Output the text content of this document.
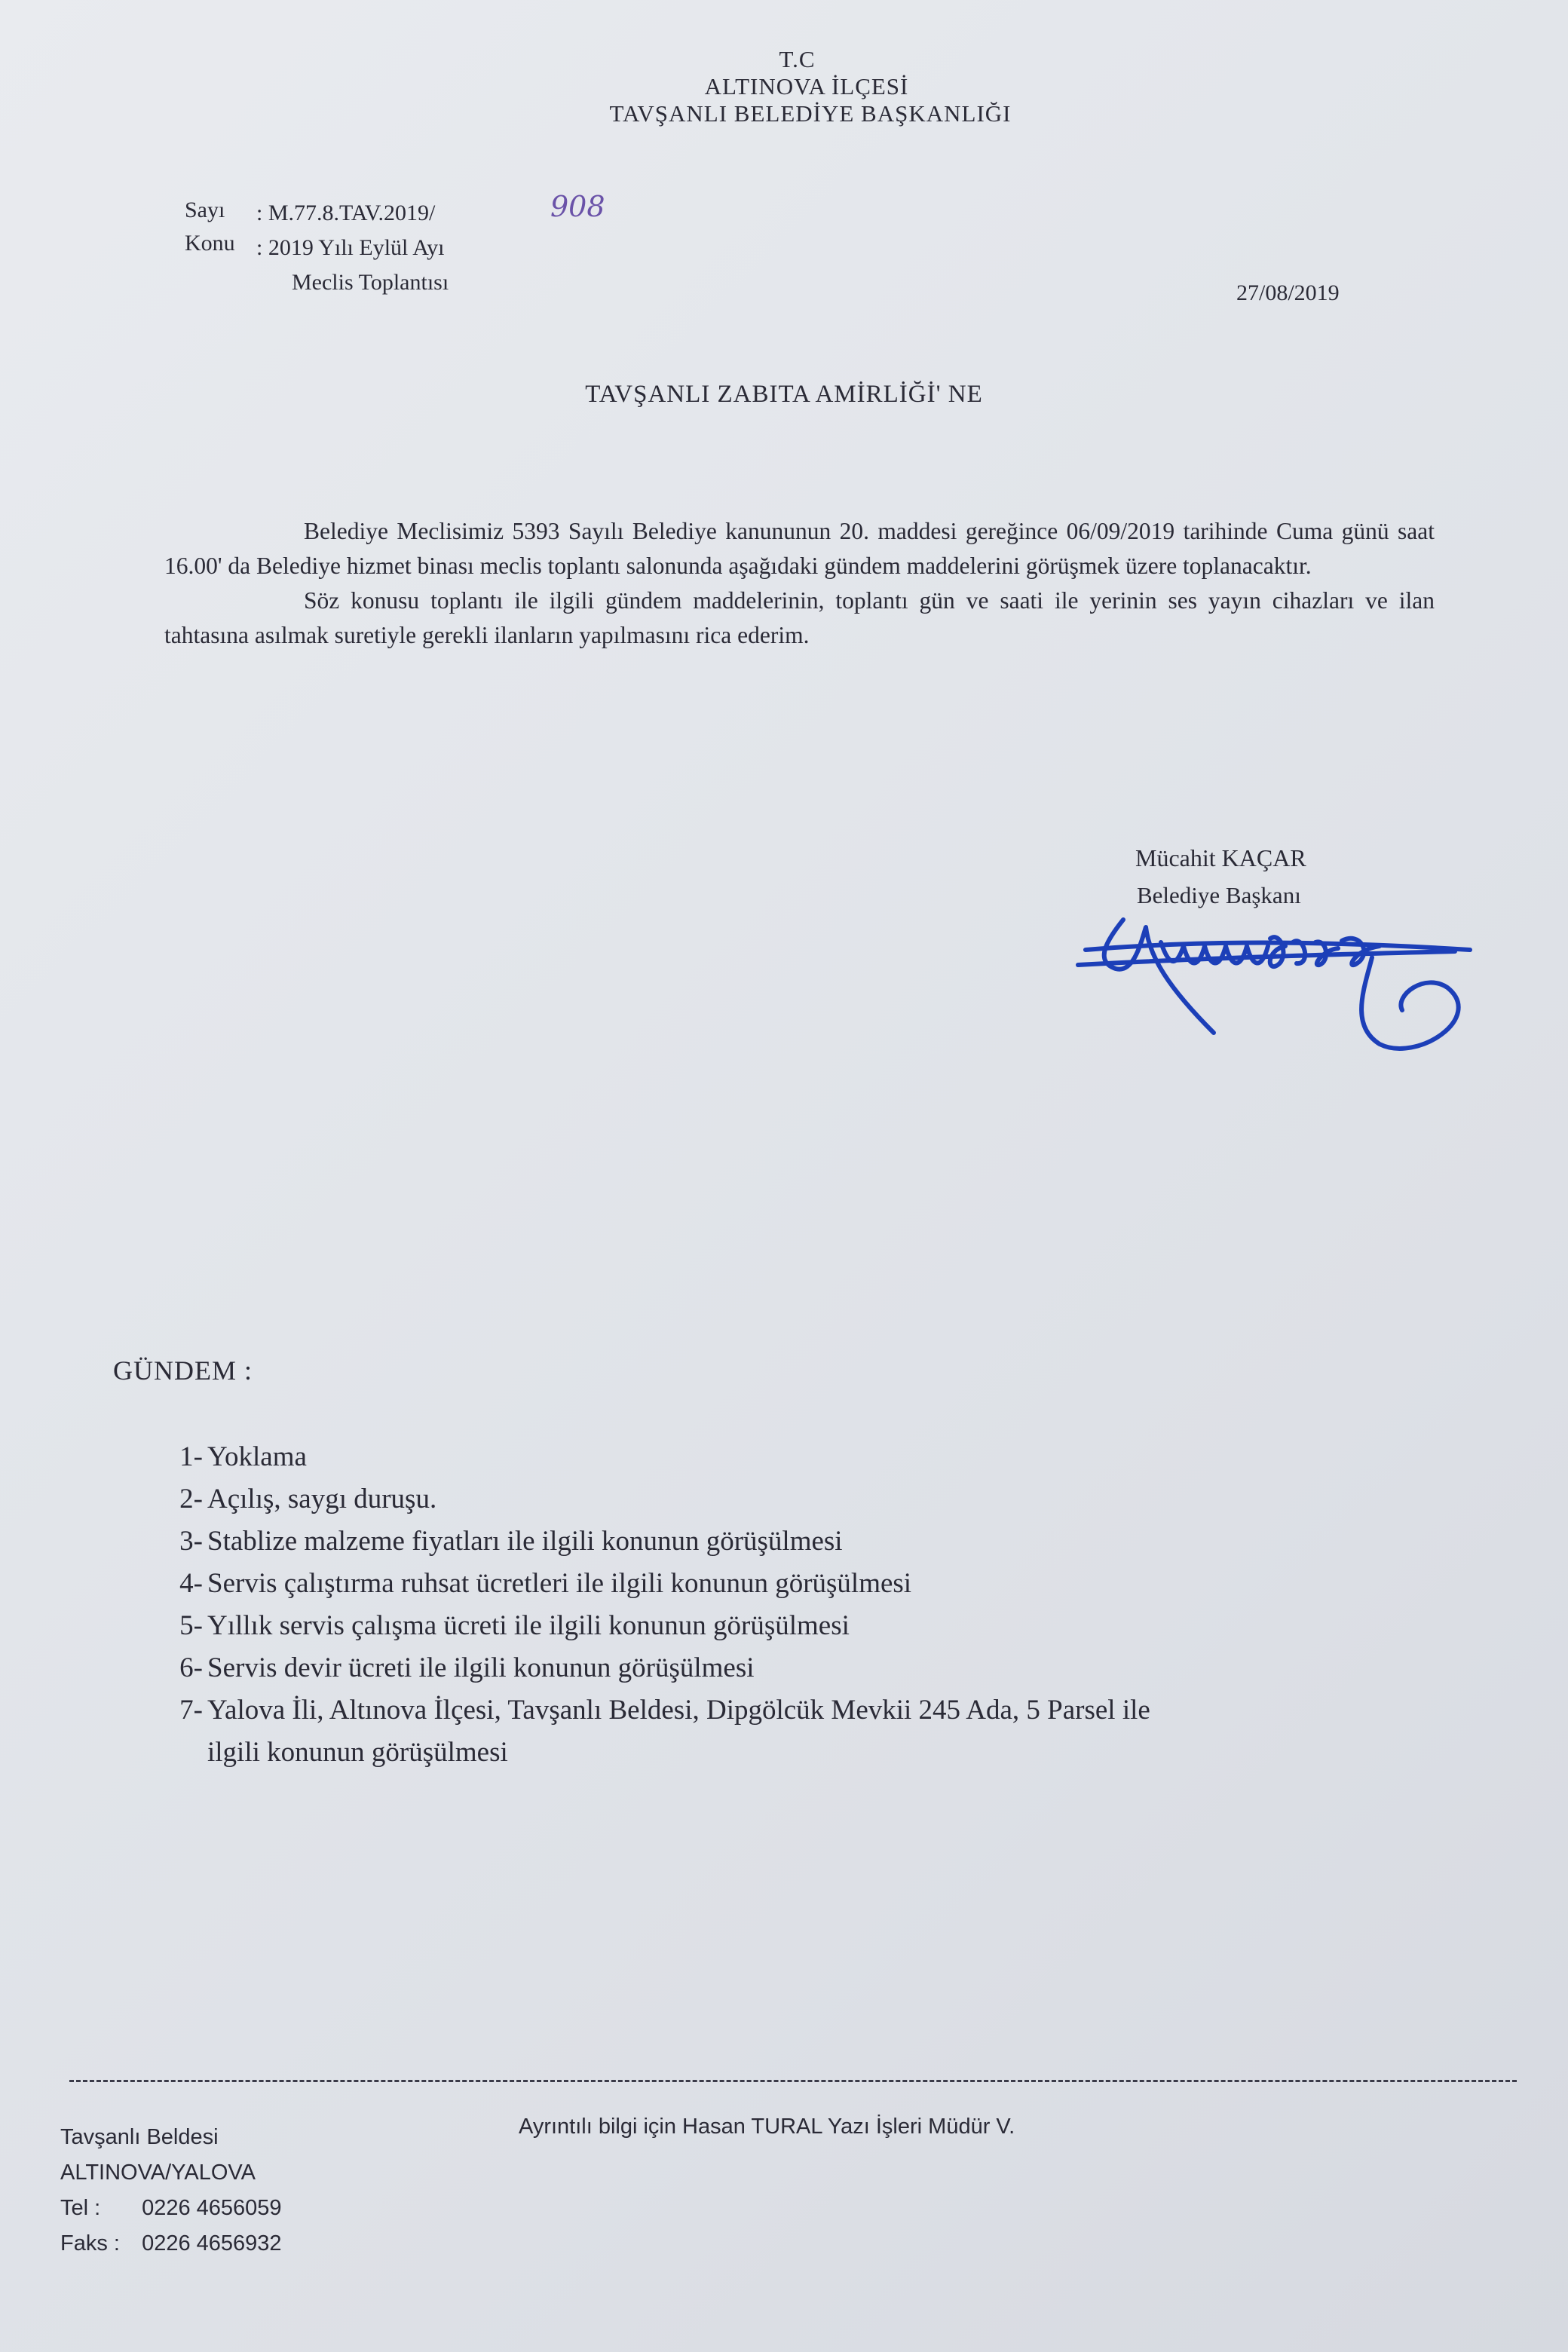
T.C
ALTINOVA İLÇESİ
TAVŞANLI BELEDİYE BAŞKANLIĞI
Sayı : M.77.8.TAV.2019/	908
Konu : 2019 Yılı Eylül Ayı
Meclis Toplantısı	27/08/2019
TAVŞANLI ZABITA AMİRLİĞİ' NE

Belediye Meclisimiz 5393 Sayılı Belediye kanununun 20. maddesi gereğince 06/09/2019 tarihinde Cuma günü saat 16.00' da Belediye hizmet binası meclis toplantı salonunda aşağıdaki gündem maddelerini görüşmek üzere toplanacaktır.

Söz konusu toplantı ile ilgili gündem maddelerinin, toplantı gün ve saati ile yerinin ses yayın cihazları ve ilan tahtasına asılmak suretiyle gerekli ilanların yapılmasını rica ederim.

Mücahit KAÇAR
Belediye Başkanı
GÜNDEM :
1- Yoklama
2- Açılış, saygı duruşu.
3- Stablize malzeme fiyatları ile ilgili konunun görüşülmesi
4- Servis çalıştırma ruhsat ücretleri ile ilgili konunun görüşülmesi
5- Yıllık servis çalışma ücreti ile ilgili konunun görüşülmesi
6- Servis devir ücreti ile ilgili konunun görüşülmesi
7- Yalova İli, Altınova İlçesi, Tavşanlı Beldesi, Dipgölcük Mevkii 245 Ada, 5 Parsel ile
ilgili konunun görüşülmesi
Tavşanlı Beldesi
ALTINOVA/YALOVA
Tel : 0226 4656059
Faks : 0226 4656932
Ayrıntılı bilgi için Hasan TURAL Yazı İşleri Müdür V.
